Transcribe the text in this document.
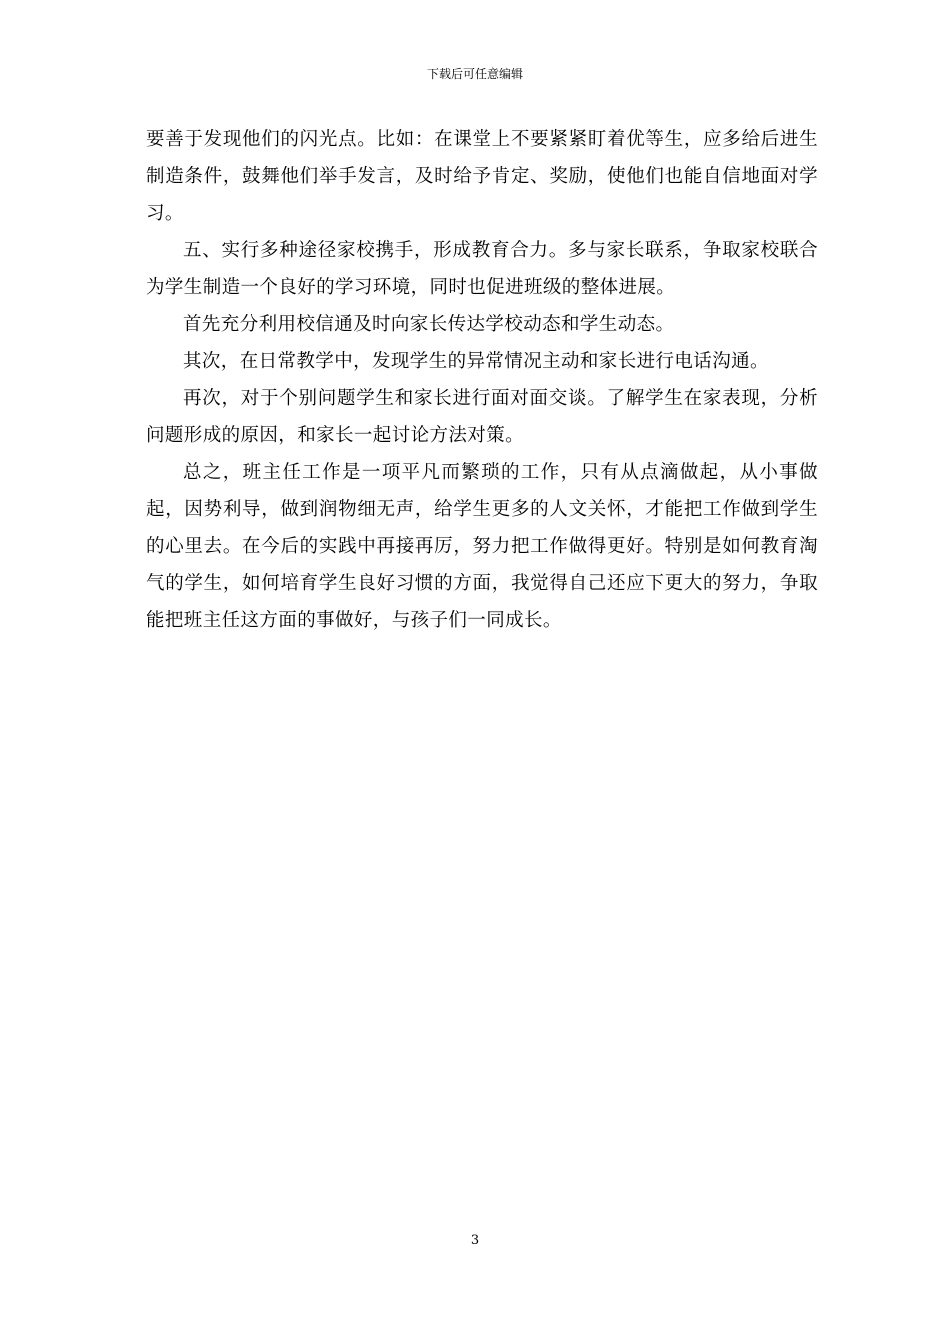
下载后可任意编辑

要善于发现他们的闪光点。比如：在课堂上不要紧紧盯着优等生，应多给后进生制造条件，鼓舞他们举手发言，及时给予肯定、奖励，使他们也能自信地面对学习。

五、实行多种途径家校携手，形成教育合力。多与家长联系，争取家校联合为学生制造一个良好的学习环境，同时也促进班级的整体进展。

首先充分利用校信通及时向家长传达学校动态和学生动态。

其次，在日常教学中，发现学生的异常情况主动和家长进行电话沟通。

再次，对于个别问题学生和家长进行面对面交谈。了解学生在家表现，分析问题形成的原因，和家长一起讨论方法对策。

总之，班主任工作是一项平凡而繁琐的工作，只有从点滴做起，从小事做起，因势利导，做到润物细无声，给学生更多的人文关怀，才能把工作做到学生的心里去。在今后的实践中再接再厉，努力把工作做得更好。特别是如何教育淘气的学生，如何培育学生良好习惯的方面，我觉得自己还应下更大的努力，争取能把班主任这方面的事做好，与孩子们一同成长。

3
